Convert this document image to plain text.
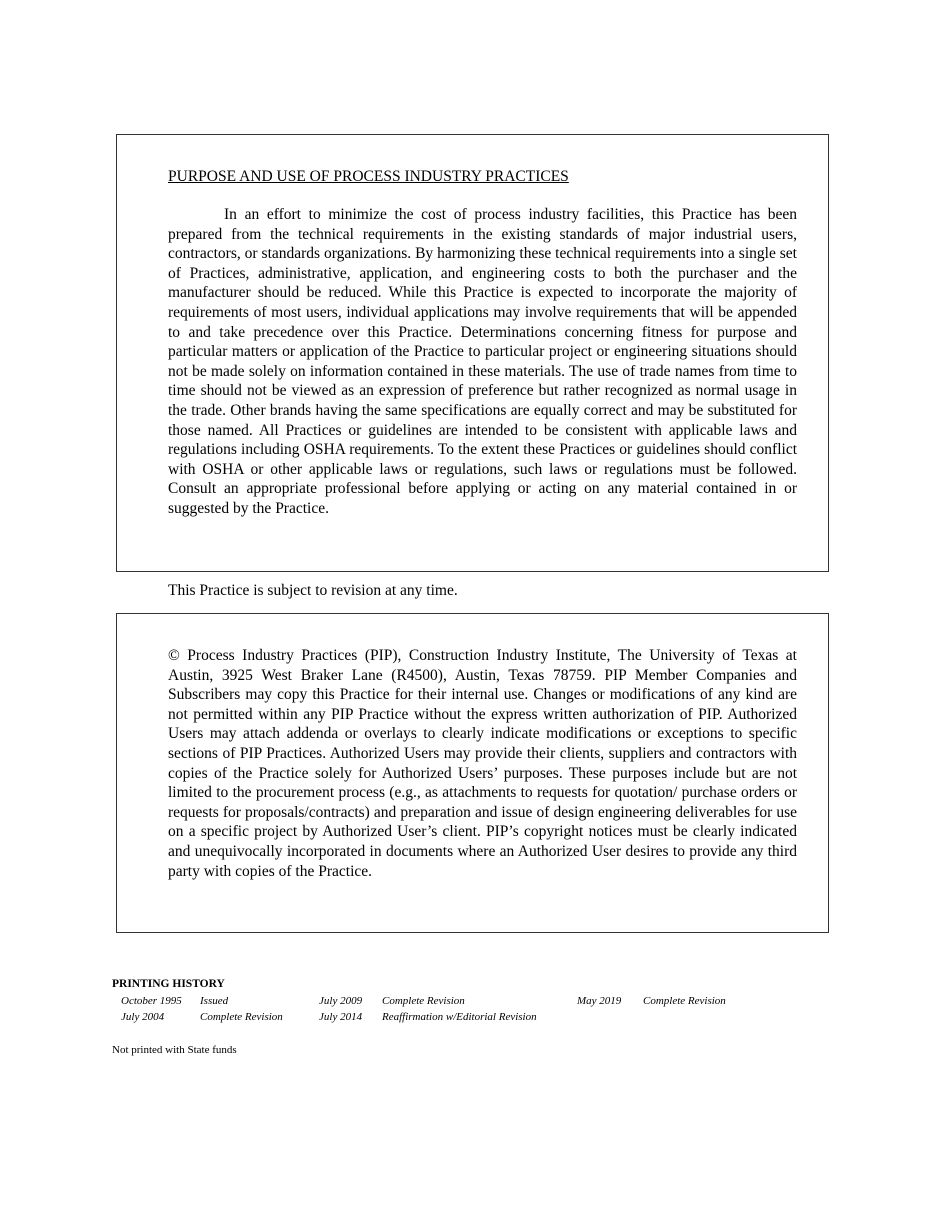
PURPOSE AND USE OF PROCESS INDUSTRY PRACTICES

In an effort to minimize the cost of process industry facilities, this Practice has been prepared from the technical requirements in the existing standards of major industrial users, contractors, or standards organizations. By harmonizing these technical requirements into a single set of Practices, administrative, application, and engineering costs to both the purchaser and the manufacturer should be reduced. While this Practice is expected to incorporate the majority of requirements of most users, individual applications may involve requirements that will be appended to and take precedence over this Practice. Determinations concerning fitness for purpose and particular matters or application of the Practice to particular project or engineering situations should not be made solely on information contained in these materials. The use of trade names from time to time should not be viewed as an expression of preference but rather recognized as normal usage in the trade. Other brands having the same specifications are equally correct and may be substituted for those named. All Practices or guidelines are intended to be consistent with applicable laws and regulations including OSHA requirements. To the extent these Practices or guidelines should conflict with OSHA or other applicable laws or regulations, such laws or regulations must be followed. Consult an appropriate professional before applying or acting on any material contained in or suggested by the Practice.

This Practice is subject to revision at any time.

© Process Industry Practices (PIP), Construction Industry Institute, The University of Texas at Austin, 3925 West Braker Lane (R4500), Austin, Texas 78759. PIP Member Companies and Subscribers may copy this Practice for their internal use. Changes or modifications of any kind are not permitted within any PIP Practice without the express written authorization of PIP. Authorized Users may attach addenda or overlays to clearly indicate modifications or exceptions to specific sections of PIP Practices. Authorized Users may provide their clients, suppliers and contractors with copies of the Practice solely for Authorized Users’ purposes. These purposes include but are not limited to the procurement process (e.g., as attachments to requests for quotation/ purchase orders or requests for proposals/contracts) and preparation and issue of design engineering deliverables for use on a specific project by Authorized User’s client. PIP’s copyright notices must be clearly indicated and unequivocally incorporated in documents where an Authorized User desires to provide any third party with copies of the Practice.

PRINTING HISTORY
October 1995 Issued
July 2004	Complete Revision
July 2009 Complete Revision
July 2014 Reaffirmation w/Editorial Revision
May 2019 Complete Revision
Not printed with State funds
